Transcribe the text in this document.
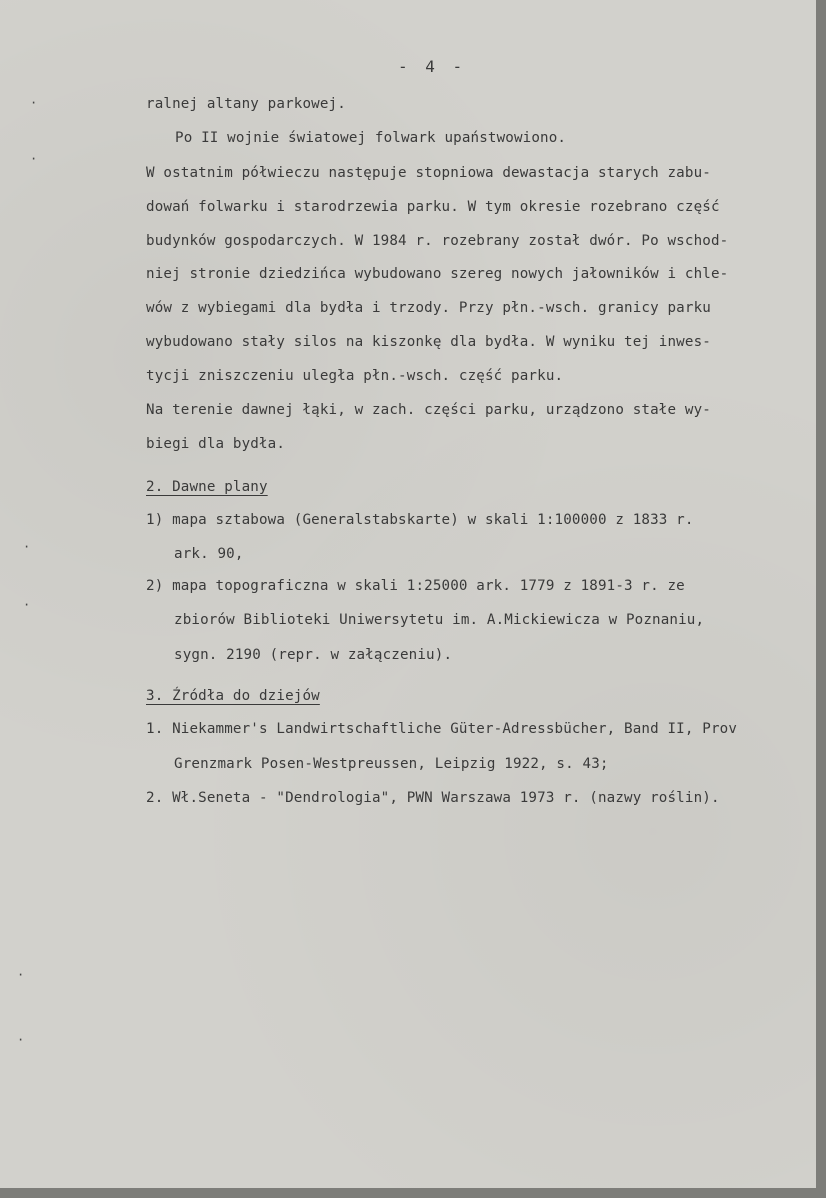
- 4 -
ralnej altany parkowej.
Po II wojnie światowej folwark upaństwowiono.
W ostatnim półwieczu następuje stopniowa dewastacja starych zabu-
dowań folwarku i starodrzewia parku. W tym okresie rozebrano część
budynków gospodarczych. W 1984 r. rozebrany został dwór. Po wschod-
niej stronie dziedzińca wybudowano szereg nowych jałowników i chle-
wów z wybiegami dla bydła i trzody. Przy płn.-wsch. granicy parku
wybudowano stały silos na kiszonkę dla bydła. W wyniku tej inwes-
tycji zniszczeniu uległa płn.-wsch. część parku.
Na terenie dawnej łąki, w zach. części parku, urządzono stałe wy-
biegi dla bydła.
2. Dawne plany
1) mapa sztabowa (Generalstabskarte) w skali 1:100000 z 1833 r.
ark. 90,
2) mapa topograficzna w skali 1:25000 ark. 1779 z 1891-3 r. ze
zbiorów Biblioteki Uniwersytetu im. A.Mickiewicza w Poznaniu,
sygn. 2190 (repr. w załączeniu).
3. Źródła do dziejów
1. Niekammer's Landwirtschaftliche Güter-Adressbücher, Band II, Prov
Grenzmark Posen-Westpreussen, Leipzig 1922, s. 43;
2. Wł.Seneta - "Dendrologia", PWN Warszawa 1973 r. (nazwy roślin).
·
·
·
·
·
·
